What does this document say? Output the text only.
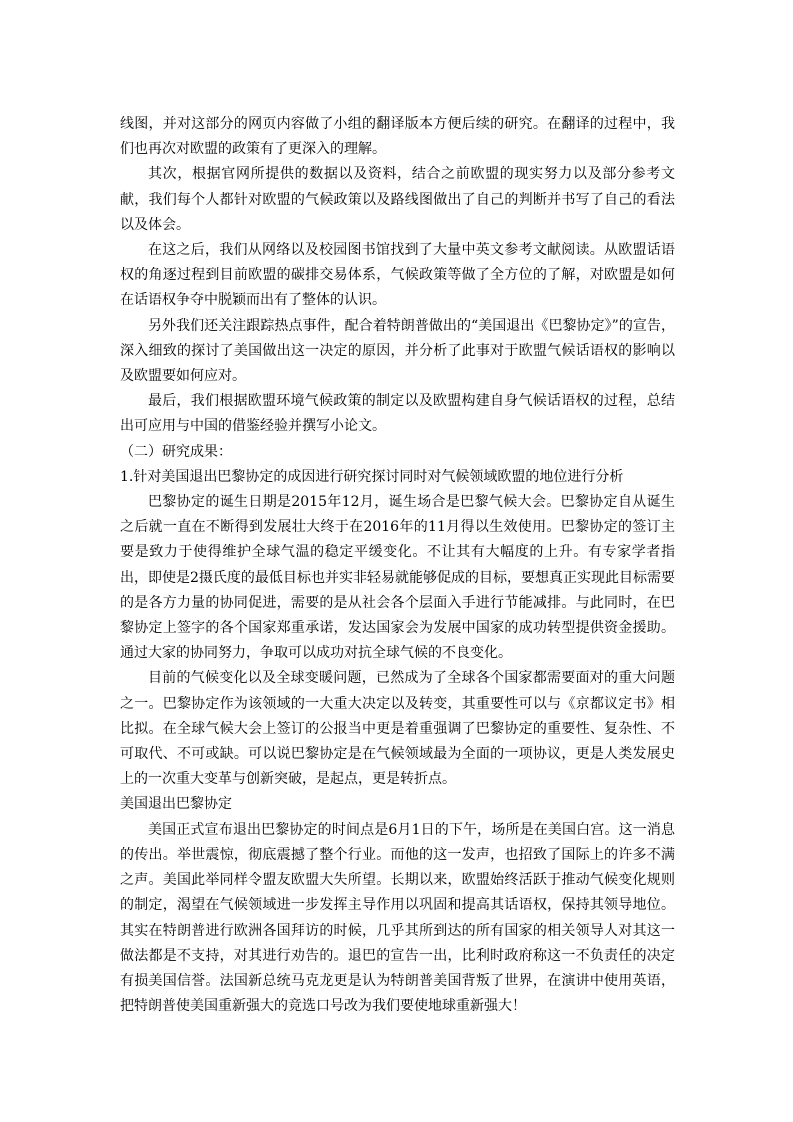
线图，并对这部分的网页内容做了小组的翻译版本方便后续的研究。在翻译的过程中，我们也再次对欧盟的政策有了更深入的理解。

其次，根据官网所提供的数据以及资料，结合之前欧盟的现实努力以及部分参考文献，我们每个人都针对欧盟的气候政策以及路线图做出了自己的判断并书写了自己的看法以及体会。

在这之后，我们从网络以及校园图书馆找到了大量中英文参考文献阅读。从欧盟话语权的角逐过程到目前欧盟的碳排交易体系，气候政策等做了全方位的了解，对欧盟是如何在话语权争夺中脱颖而出有了整体的认识。

另外我们还关注跟踪热点事件，配合着特朗普做出的“美国退出《巴黎协定》”的宣告，深入细致的探讨了美国做出这一决定的原因，并分析了此事对于欧盟气候话语权的影响以及欧盟要如何应对。

最后，我们根据欧盟环境气候政策的制定以及欧盟构建自身气候话语权的过程，总结出可应用与中国的借鉴经验并撰写小论文。

（二）研究成果：

1.针对美国退出巴黎协定的成因进行研究探讨同时对气候领域欧盟的地位进行分析

巴黎协定的诞生日期是2015年12月，诞生场合是巴黎气候大会。巴黎协定自从诞生之后就一直在不断得到发展壮大终于在2016年的11月得以生效使用。巴黎协定的签订主要是致力于使得维护全球气温的稳定平缓变化。不让其有大幅度的上升。有专家学者指出，即使是2摄氏度的最低目标也并实非轻易就能够促成的目标，要想真正实现此目标需要的是各方力量的协同促进，需要的是从社会各个层面入手进行节能减排。与此同时，在巴黎协定上签字的各个国家郑重承诺，发达国家会为发展中国家的成功转型提供资金援助。通过大家的协同努力，争取可以成功对抗全球气候的不良变化。

目前的气候变化以及全球变暖问题，已然成为了全球各个国家都需要面对的重大问题之一。巴黎协定作为该领域的一大重大决定以及转变，其重要性可以与《京都议定书》相比拟。在全球气候大会上签订的公报当中更是着重强调了巴黎协定的重要性、复杂性、不可取代、不可或缺。可以说巴黎协定是在气候领域最为全面的一项协议，更是人类发展史上的一次重大变革与创新突破，是起点，更是转折点。

美国退出巴黎协定

美国正式宣布退出巴黎协定的时间点是6月1日的下午，场所是在美国白宫。这一消息的传出。举世震惊，彻底震撼了整个行业。而他的这一发声，也招致了国际上的许多不满之声。美国此举同样令盟友欧盟大失所望。长期以来，欧盟始终活跃于推动气候变化规则的制定，渴望在气候领域进一步发挥主导作用以巩固和提高其话语权，保持其领导地位。其实在特朗普进行欧洲各国拜访的时候，几乎其所到达的所有国家的相关领导人对其这一做法都是不支持，对其进行劝告的。退巴的宣告一出，比利时政府称这一不负责任的决定有损美国信誉。法国新总统马克龙更是认为特朗普美国背叛了世界，在演讲中使用英语，把特朗普使美国重新强大的竞选口号改为我们要使地球重新强大！
